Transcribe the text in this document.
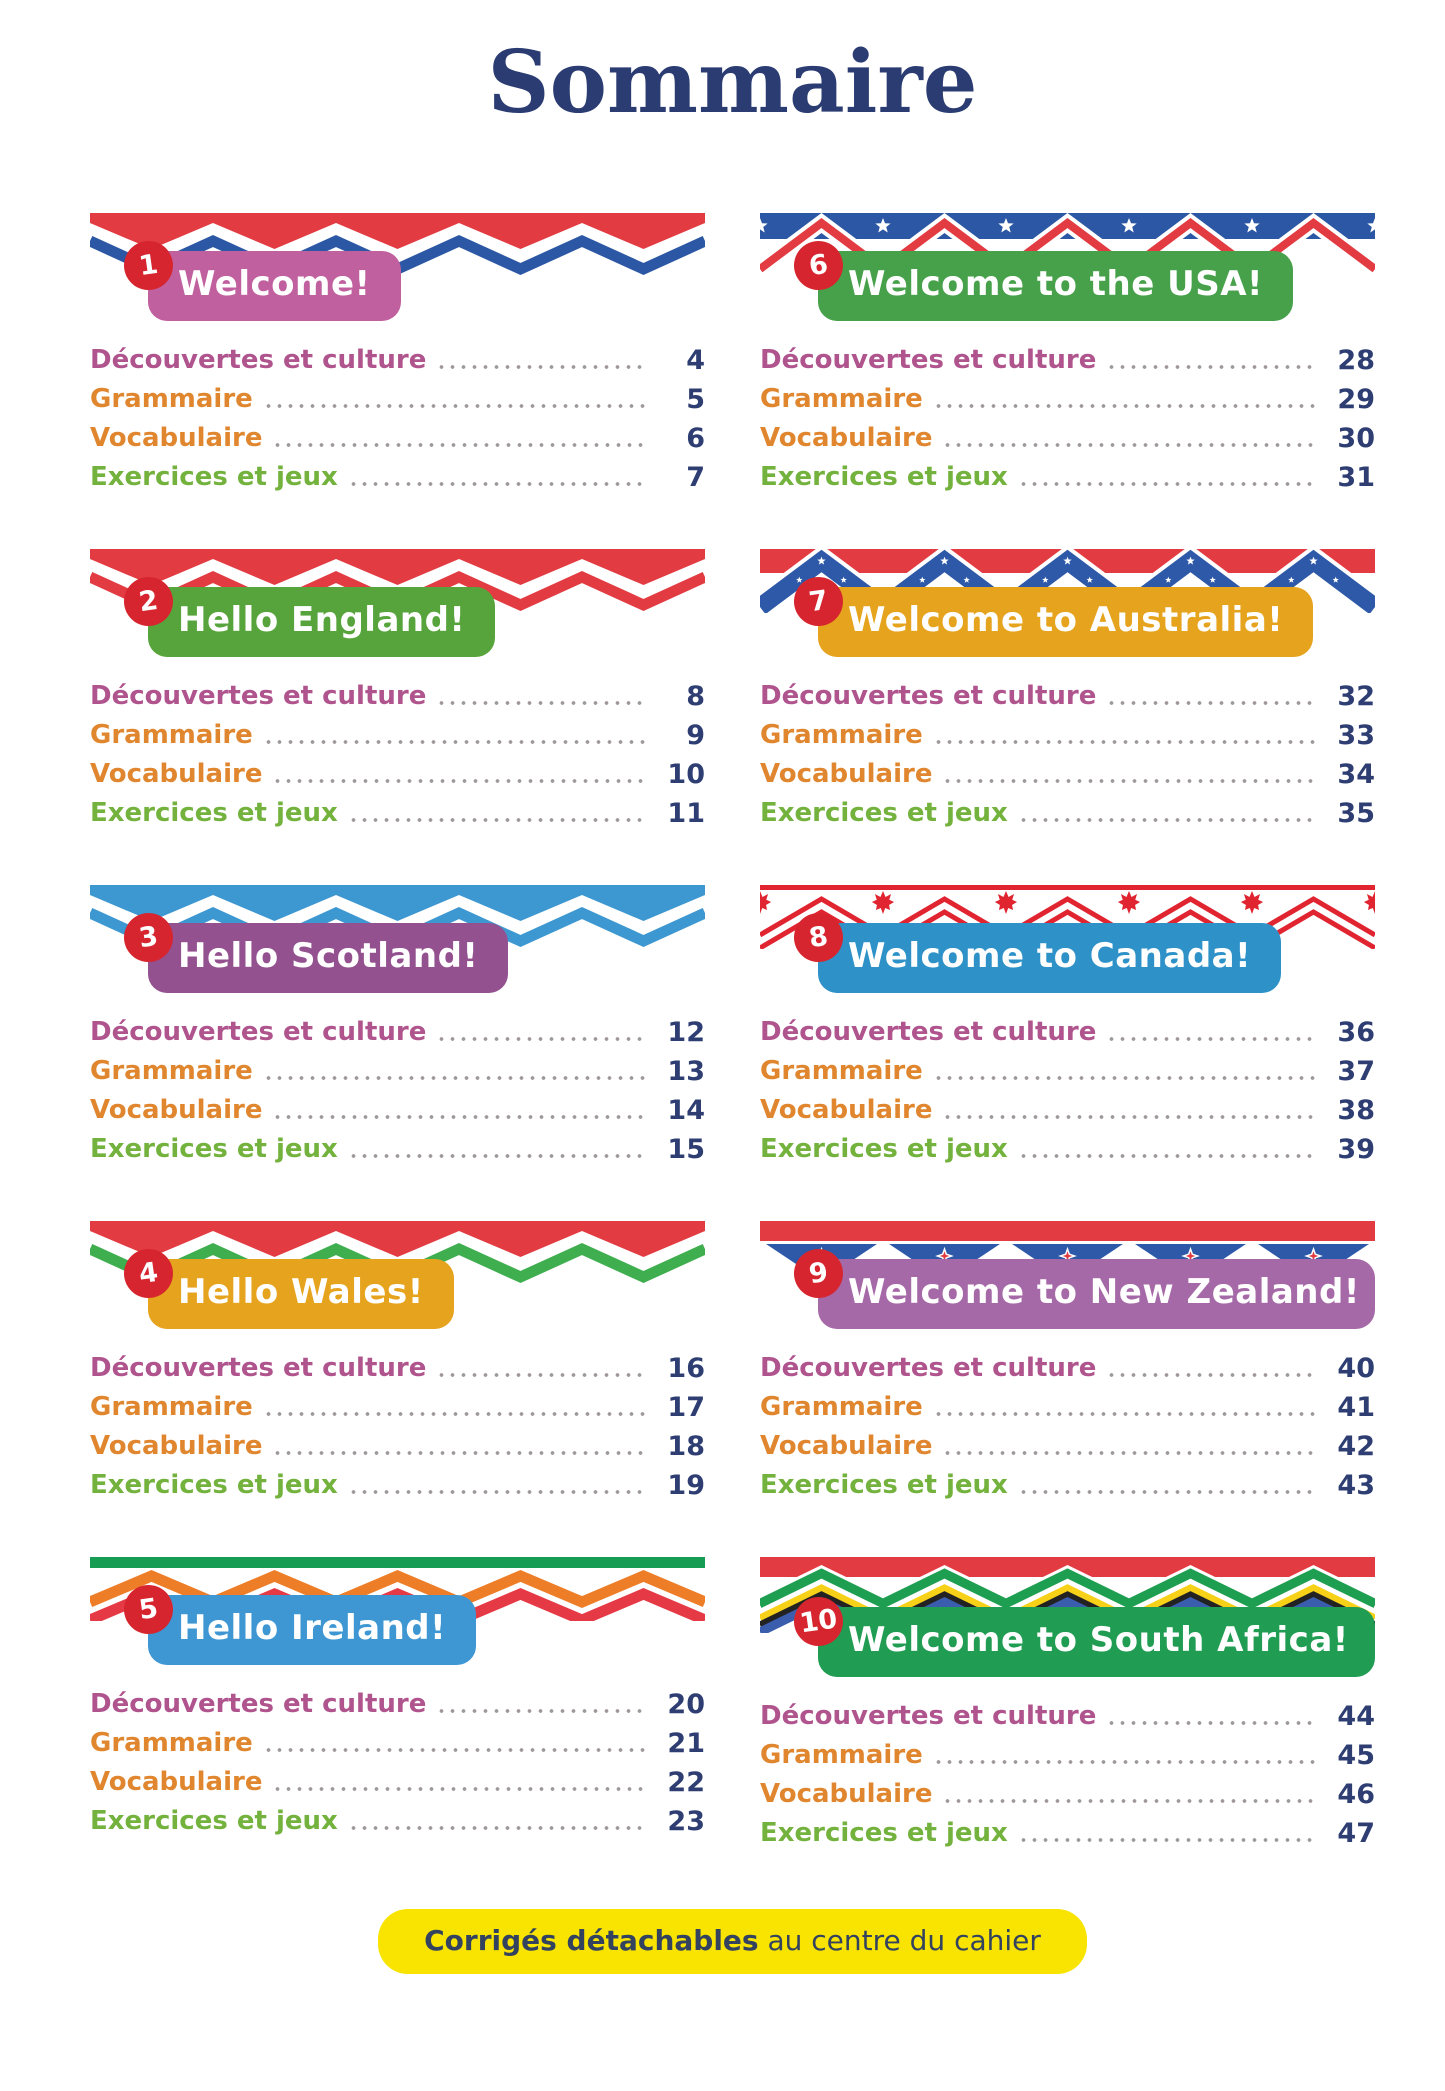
Sommaire
1 Welcome!
Découvertes et culture	4
Grammaire	5
Vocabulaire	6
Exercices et jeux	7
2 Hello England!
Découvertes et culture	8
Grammaire	9
Vocabulaire	10
Exercices et jeux	11
3 Hello Scotland!
Découvertes et culture	12
Grammaire	13
Vocabulaire	14
Exercices et jeux	15
4 Hello Wales!
Découvertes et culture	16
Grammaire	17
Vocabulaire	18
Exercices et jeux	19
5 Hello Ireland!
Découvertes et culture	20
Grammaire	21
Vocabulaire	22
Exercices et jeux	23
6 Welcome to the USA!
Découvertes et culture	28
Grammaire	29
Vocabulaire	30
Exercices et jeux	31
7 Welcome to Australia!
Découvertes et culture	32
Grammaire	33
Vocabulaire	34
Exercices et jeux	35
8 Welcome to Canada!
Découvertes et culture	36
Grammaire	37
Vocabulaire	38
Exercices et jeux	39
9 Welcome to New Zealand!
Découvertes et culture	40
Grammaire	41
Vocabulaire	42
Exercices et jeux	43
10 Welcome to South Africa!
Découvertes et culture	44
Grammaire	45
Vocabulaire	46
Exercices et jeux	47
Corrigés détachables au centre du cahier
